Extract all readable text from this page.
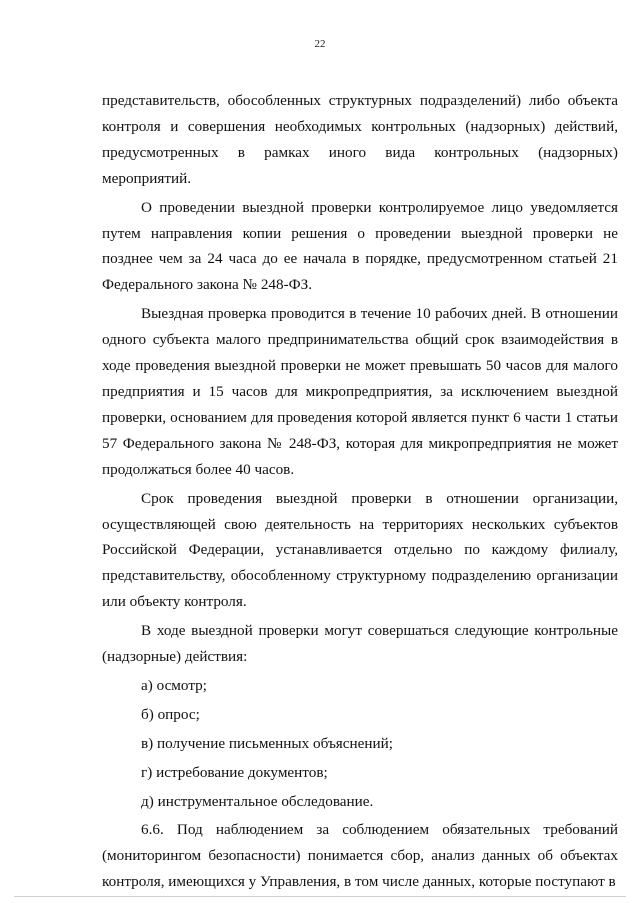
22

представительств, обособленных структурных подразделений) либо объекта контроля и совершения необходимых контрольных (надзорных) действий, предусмотренных в рамках иного вида контрольных (надзорных) мероприятий.

О проведении выездной проверки контролируемое лицо уведомляется путем направления копии решения о проведении выездной проверки не позднее чем за 24 часа до ее начала в порядке, предусмотренном статьей 21 Федерального закона № 248-ФЗ.

Выездная проверка проводится в течение 10 рабочих дней. В отношении одного субъекта малого предпринимательства общий срок взаимодействия в ходе проведения выездной проверки не может превышать 50 часов для малого предприятия и 15 часов для микропредприятия, за исключением выездной проверки, основанием для проведения которой является пункт 6 части 1 статьи 57 Федерального закона № 248-ФЗ, которая для микропредприятия не может продолжаться более 40 часов.

Срок проведения выездной проверки в отношении организации, осуществляющей свою деятельность на территориях нескольких субъектов Российской Федерации, устанавливается отдельно по каждому филиалу, представительству, обособленному структурному подразделению организации или объекту контроля.

В ходе выездной проверки могут совершаться следующие контрольные (надзорные) действия:

а) осмотр;

б) опрос;

в) получение письменных объяснений;

г) истребование документов;

д) инструментальное обследование.

6.6. Под наблюдением за соблюдением обязательных требований (мониторингом безопасности) понимается сбор, анализ данных об объектах контроля, имеющихся у Управления, в том числе данных, которые поступают в
